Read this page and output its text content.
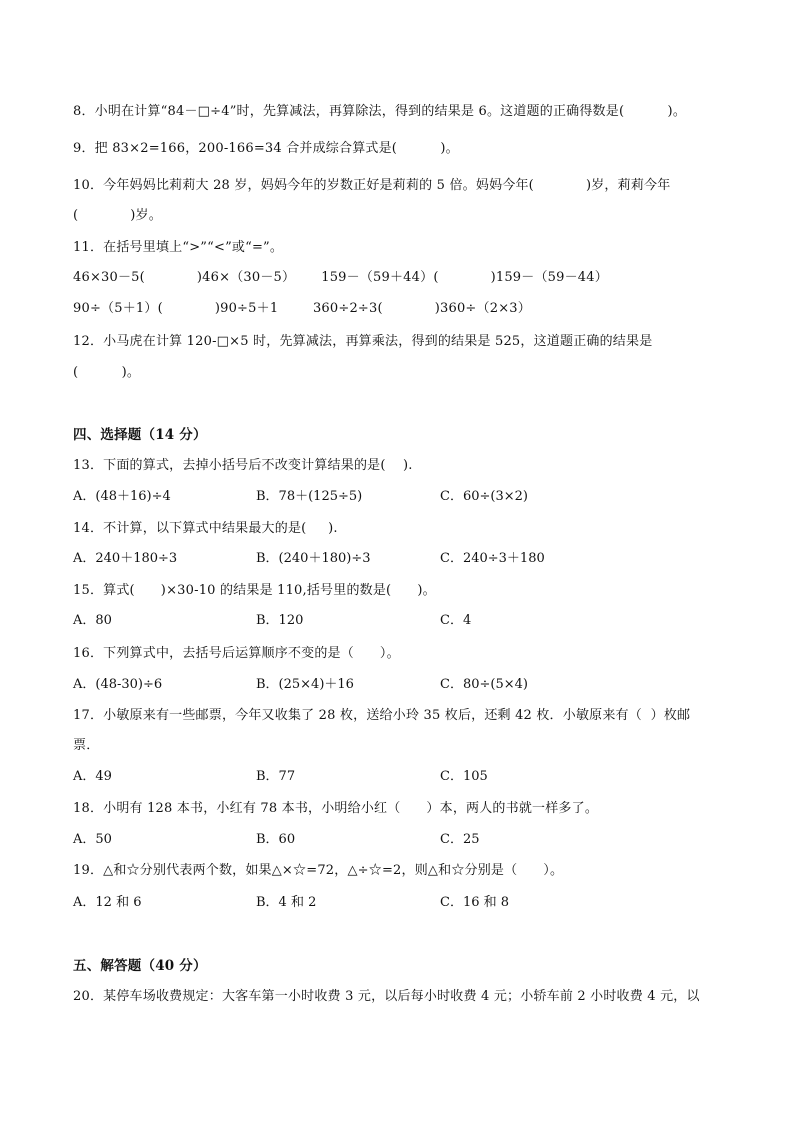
8．小明在计算“84－□÷4”时，先算减法，再算除法，得到的结果是 6。这道题的正确得数是(          )。
9．把 83×2=166，200-166=34 合并成综合算式是(          )。
10．今年妈妈比莉莉大 28 岁，妈妈今年的岁数正好是莉莉的 5 倍。妈妈今年(            )岁，莉莉今年
(            )岁。
11．在括号里填上“>”“<”或“=”。
46×30－5(            )46×（30－5）      159－（59＋44）(            )159－（59－44）
90÷（5＋1）(            )90÷5＋1        360÷2÷3(            )360÷（2×3）
12．小马虎在计算 120-□×5 时，先算减法，再算乘法，得到的结果是 525，这道题正确的结果是
(          )。
四、选择题（14 分）
13．下面的算式，去掉小括号后不改变计算结果的是(    ).
A．(48＋16)÷4	B．78＋(125÷5)	C．60÷(3×2)
14．不计算，以下算式中结果最大的是(     ).
A．240＋180÷3	B．(240＋180)÷3	C．240÷3＋180
15．算式(      )×30-10 的结果是 110,括号里的数是(      )。
A．80	B．120	C．4
16．下列算式中，去括号后运算顺序不变的是（      ）。
A．(48-30)÷6	B．(25×4)＋16	C．80÷(5×4)
17．小敏原来有一些邮票，今年又收集了 28 枚，送给小玲 35 枚后，还剩 42 枚．小敏原来有（  ）枚邮
票．
A．49	B．77	C．105
18．小明有 128 本书，小红有 78 本书，小明给小红（      ）本，两人的书就一样多了。
A．50	B．60	C．25
19．△和☆分别代表两个数，如果△×☆=72，△÷☆=2，则△和☆分别是（      ）。
A．12 和 6	B．4 和 2	C．16 和 8
五、解答题（40 分）
20．某停车场收费规定：大客车第一小时收费 3 元，以后每小时收费 4 元；小轿车前 2 小时收费 4 元，以
